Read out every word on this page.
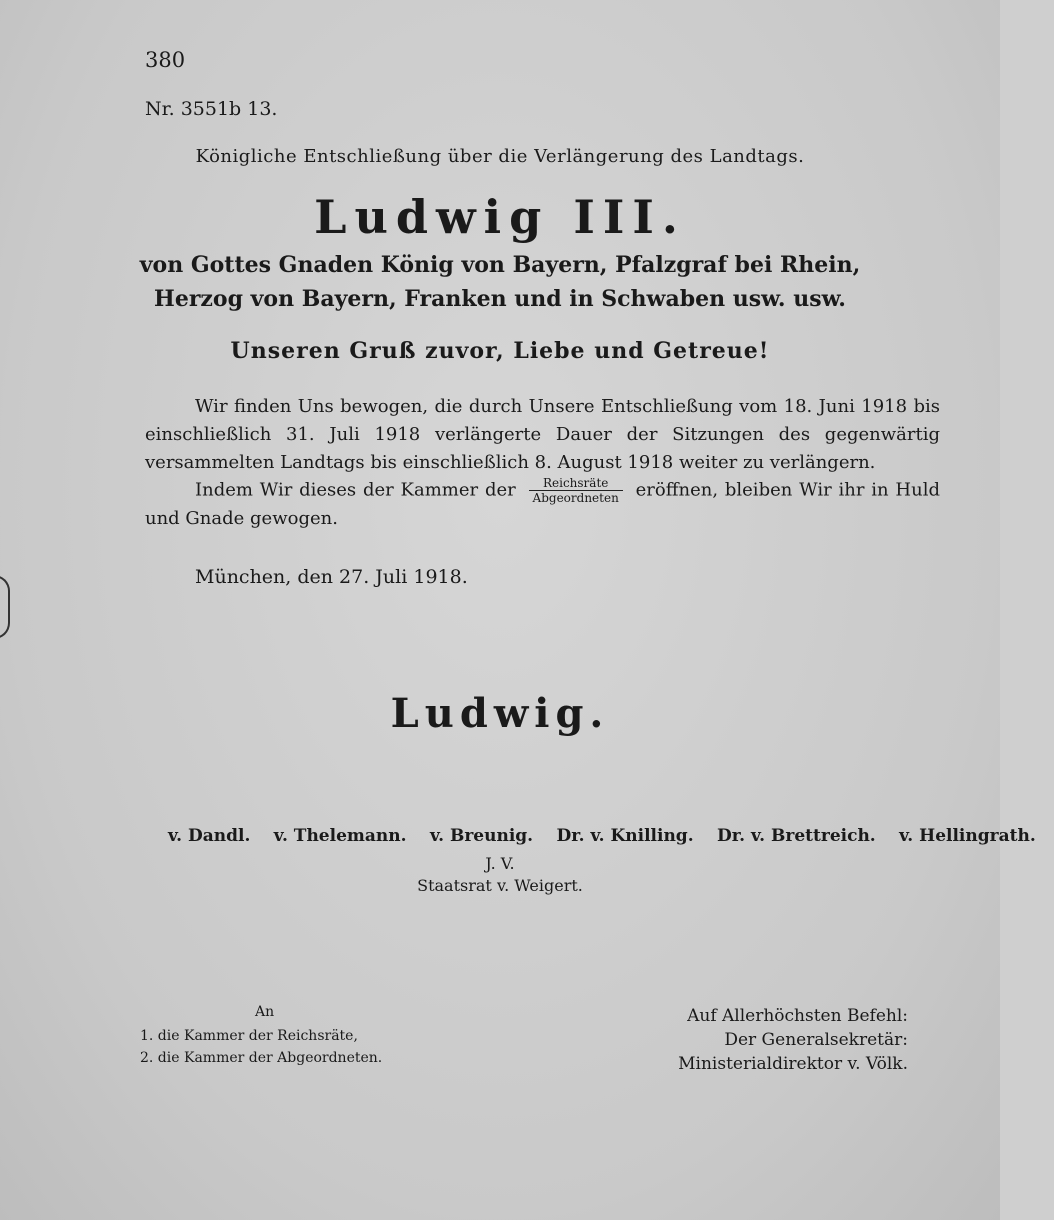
380
Nr. 3551b 13.
Königliche Entschließung über die Verlängerung des Landtags.
Ludwig III.
von Gottes Gnaden König von Bayern, Pfalzgraf bei Rhein,
Herzog von Bayern, Franken und in Schwaben usw. usw.
Unseren Gruß zuvor, Liebe und Getreue!
Wir finden Uns bewogen, die durch Unsere Entschließung vom 18. Juni 1918 bis einschließlich 31. Juli 1918 verlängerte Dauer der Sitzungen des gegenwärtig versammelten Landtags bis einschließlich 8. August 1918 weiter zu verlängern.
Indem Wir dieses der Kammer der $\frac{\text{Reichsräte}}{\text{Abgeordneten}}$ eröffnen, bleiben Wir ihr in Huld und Gnade gewogen.
München, den 27. Juli 1918.
Ludwig.
v. Dandl. v. Thelemann. v. Breunig. Dr. v. Knilling. Dr. v. Brettreich. v. Hellingrath.
J. V.
Staatsrat v. Weigert.
An
1. die Kammer der Reichsräte,
2. die Kammer der Abgeordneten.
Auf Allerhöchsten Befehl:
Der Generalsekretär:
Ministerialdirektor v. Völk.
